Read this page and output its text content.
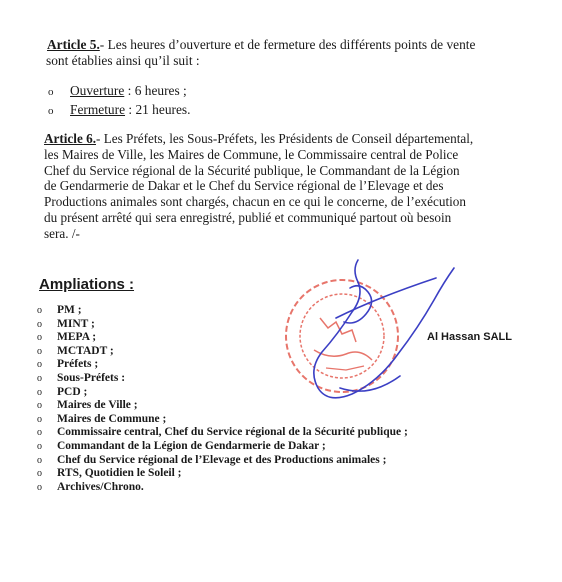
Article 5.- Les heures d’ouverture et de fermeture des différents points de vente
sont établies ainsi qu’il suit :
o Ouverture : 6 heures ;
o Fermeture : 21 heures.
Article 6.- Les Préfets, les Sous-Préfets, les Présidents de Conseil départemental,
les Maires de Ville, les Maires de Commune, le Commissaire central de Police
Chef du Service régional de la Sécurité publique, le Commandant de la Légion
de Gendarmerie de Dakar et le Chef du Service régional de l’Elevage et des
Productions animales sont chargés, chacun en ce qui le concerne, de l’exécution
du présent arrêté qui sera enregistré, publié et communiqué partout où besoin
sera. /-
Al Hassan SALL
Ampliations :
o PM ;
o MINT ;
o MEPA ;
o MCTADT ;
o Préfets ;
o Sous-Préfets :
o PCD ;
o Maires de Ville ;
o Maires de Commune ;
o Commissaire central, Chef du Service régional de la Sécurité publique ;
o Commandant de la Légion de Gendarmerie de Dakar ;
o Chef du Service régional de l’Elevage et des Productions animales ;
o RTS, Quotidien le Soleil ;
o Archives/Chrono.
